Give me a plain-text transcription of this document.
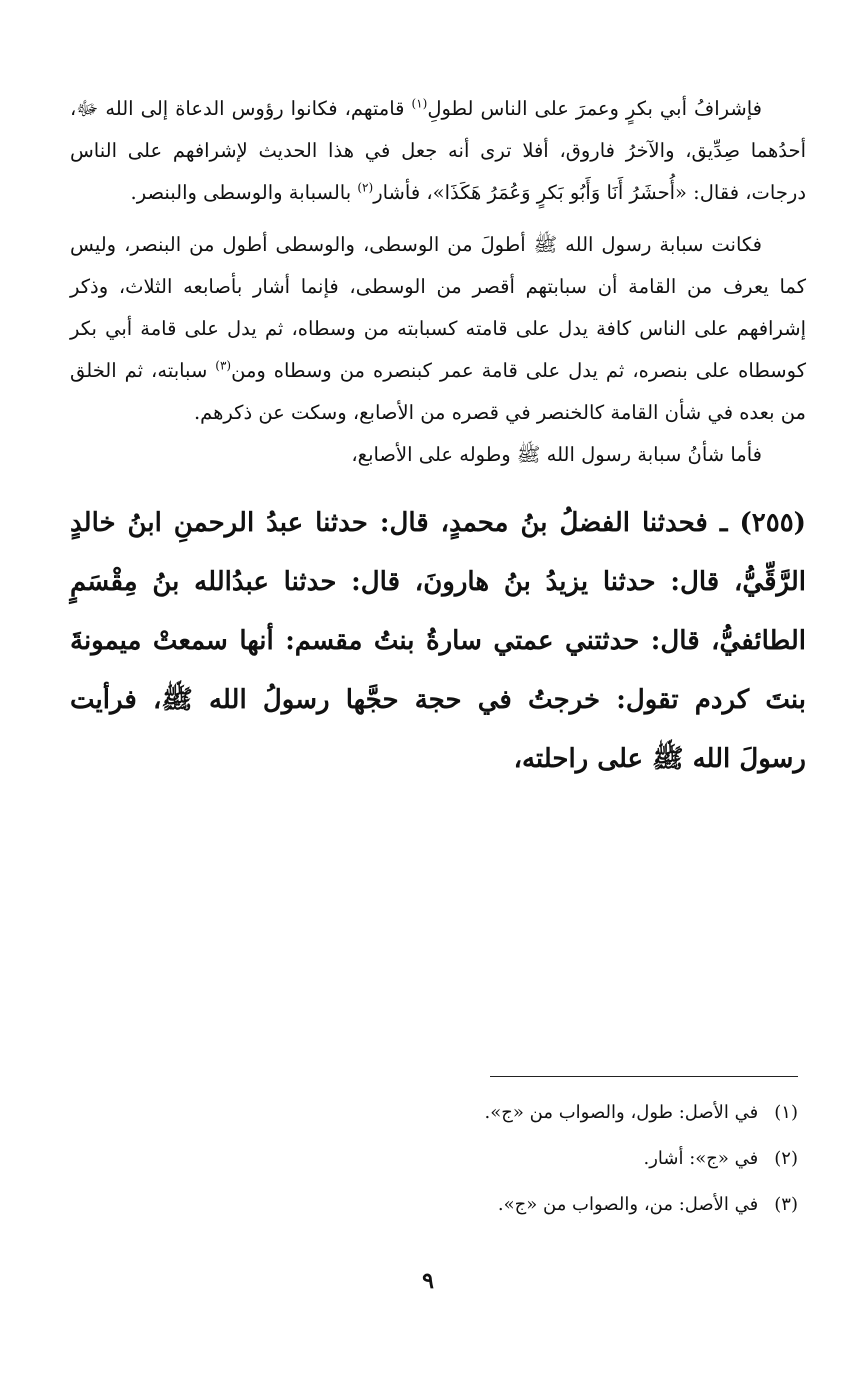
فإشرافُ أبي بكرٍ وعمرَ على الناس لطولِ$^{(١)}$ قامتهم، فكانوا رؤوس الدعاة إلى الله ﷻ، أحدُهما صِدِّيق، والآخرُ فاروق، أفلا ترى أنه جعل في هذا الحديث لإشرافهم على الناس درجات، فقال: «أُحشَرُ أَنَا وَأَبُو بَكرٍ وَعُمَرُ هَكَذَا»، فأشار$^{(٢)}$ بالسبابة والوسطى والبنصر.

فكانت سبابة رسول الله ﷺ أطولَ من الوسطى، والوسطى أطول من البنصر، وليس كما يعرف من القامة أن سبابتهم أقصر من الوسطى، فإنما أشار بأصابعه الثلاث، وذكر إشرافهم على الناس كافة يدل على قامته كسبابته من وسطاه، ثم يدل على قامة أبي بكر كوسطاه على بنصره، ثم يدل على قامة عمر كبنصره من وسطاه ومن$^{(٣)}$ سبابته، ثم الخلق من بعده في شأن القامة كالخنصر في قصره من الأصابع، وسكت عن ذكرهم.

فأما شأنُ سبابة رسول الله ﷺ وطوله على الأصابع،

(٢٥٥) ـ فحدثنا الفضلُ بنُ محمدٍ، قال: حدثنا عبدُ الرحمنِ ابنُ خالدٍ الرَّقِّيُّ، قال: حدثنا يزيدُ بنُ هارونَ، قال: حدثنا عبدُالله بنُ مِقْسَمٍ الطائفيُّ، قال: حدثتني عمتي سارةُ بنتُ مقسم: أنها سمعتْ ميمونةَ بنتَ كردم تقول: خرجتُ في حجة حجَّها رسولُ الله ﷺ، فرأيت رسولَ الله ﷺ على راحلته،

(١) في الأصل: طول، والصواب من «ج».
(٢) في «ج»: أشار.
(٣) في الأصل: من، والصواب من «ج».
٩
